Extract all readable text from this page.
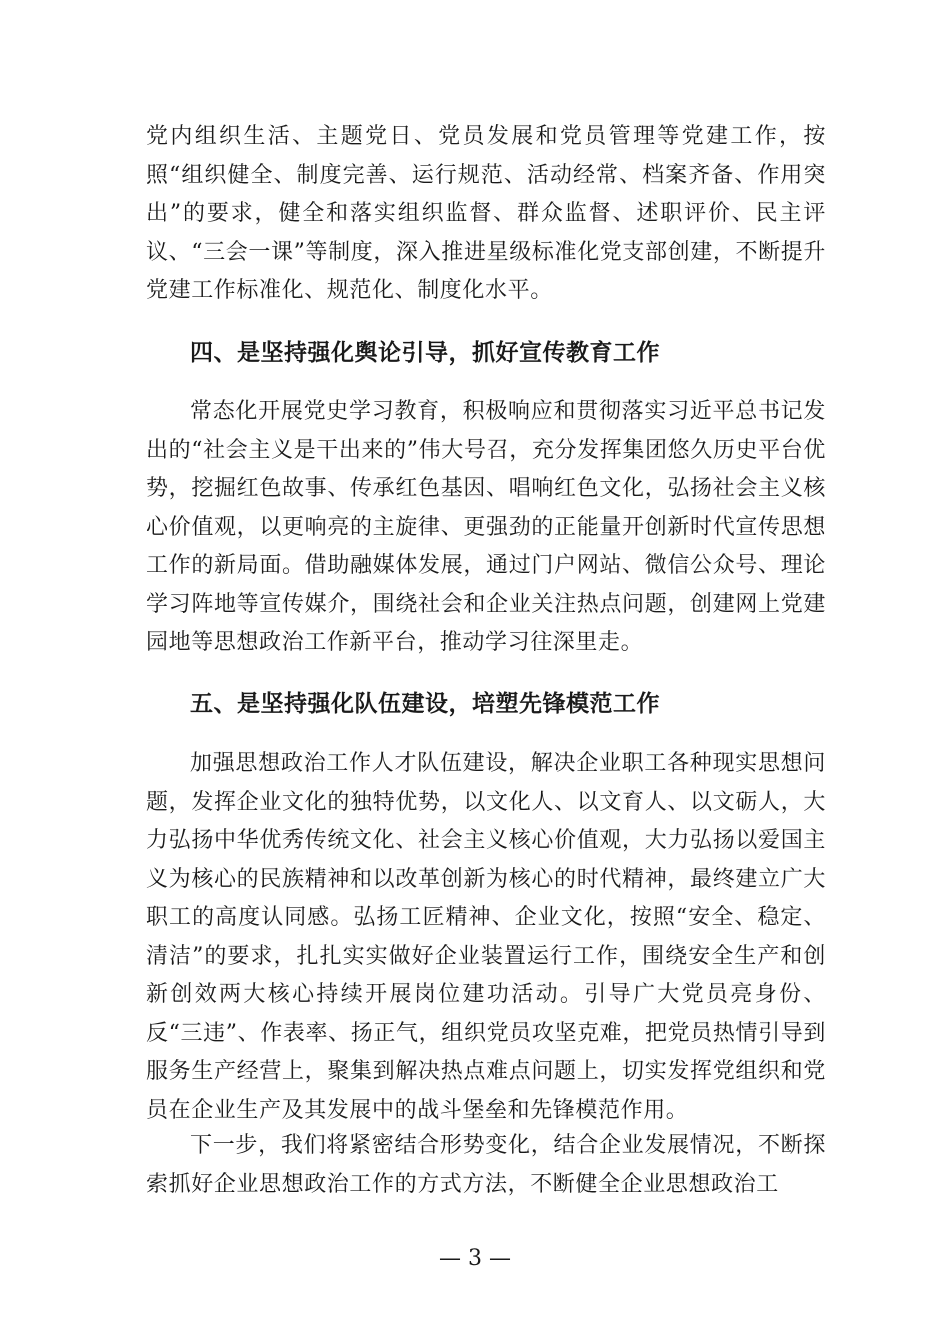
党内组织生活、主题党日、党员发展和党员管理等党建工作，按照“组织健全、制度完善、运行规范、活动经常、档案齐备、作用突出”的要求，健全和落实组织监督、群众监督、述职评价、民主评议、“三会一课”等制度，深入推进星级标准化党支部创建，不断提升党建工作标准化、规范化、制度化水平。

四、是坚持强化舆论引导，抓好宣传教育工作

常态化开展党史学习教育，积极响应和贯彻落实习近平总书记发出的“社会主义是干出来的”伟大号召，充分发挥集团悠久历史平台优势，挖掘红色故事、传承红色基因、唱响红色文化，弘扬社会主义核心价值观，以更响亮的主旋律、更强劲的正能量开创新时代宣传思想工作的新局面。借助融媒体发展，通过门户网站、微信公众号、理论学习阵地等宣传媒介，围绕社会和企业关注热点问题，创建网上党建园地等思想政治工作新平台，推动学习往深里走。

五、是坚持强化队伍建设，培塑先锋模范工作

加强思想政治工作人才队伍建设，解决企业职工各种现实思想问题，发挥企业文化的独特优势，以文化人、以文育人、以文砺人，大力弘扬中华优秀传统文化、社会主义核心价值观，大力弘扬以爱国主义为核心的民族精神和以改革创新为核心的时代精神，最终建立广大职工的高度认同感。弘扬工匠精神、企业文化，按照“安全、稳定、清洁”的要求，扎扎实实做好企业装置运行工作，围绕安全生产和创新创效两大核心持续开展岗位建功活动。引导广大党员亮身份、反“三违”、作表率、扬正气，组织党员攻坚克难，把党员热情引导到服务生产经营上，聚集到解决热点难点问题上，切实发挥党组织和党员在企业生产及其发展中的战斗堡垒和先锋模范作用。

下一步，我们将紧密结合形势变化，结合企业发展情况，不断探索抓好企业思想政治工作的方式方法，不断健全企业思想政治工

— 3 —
